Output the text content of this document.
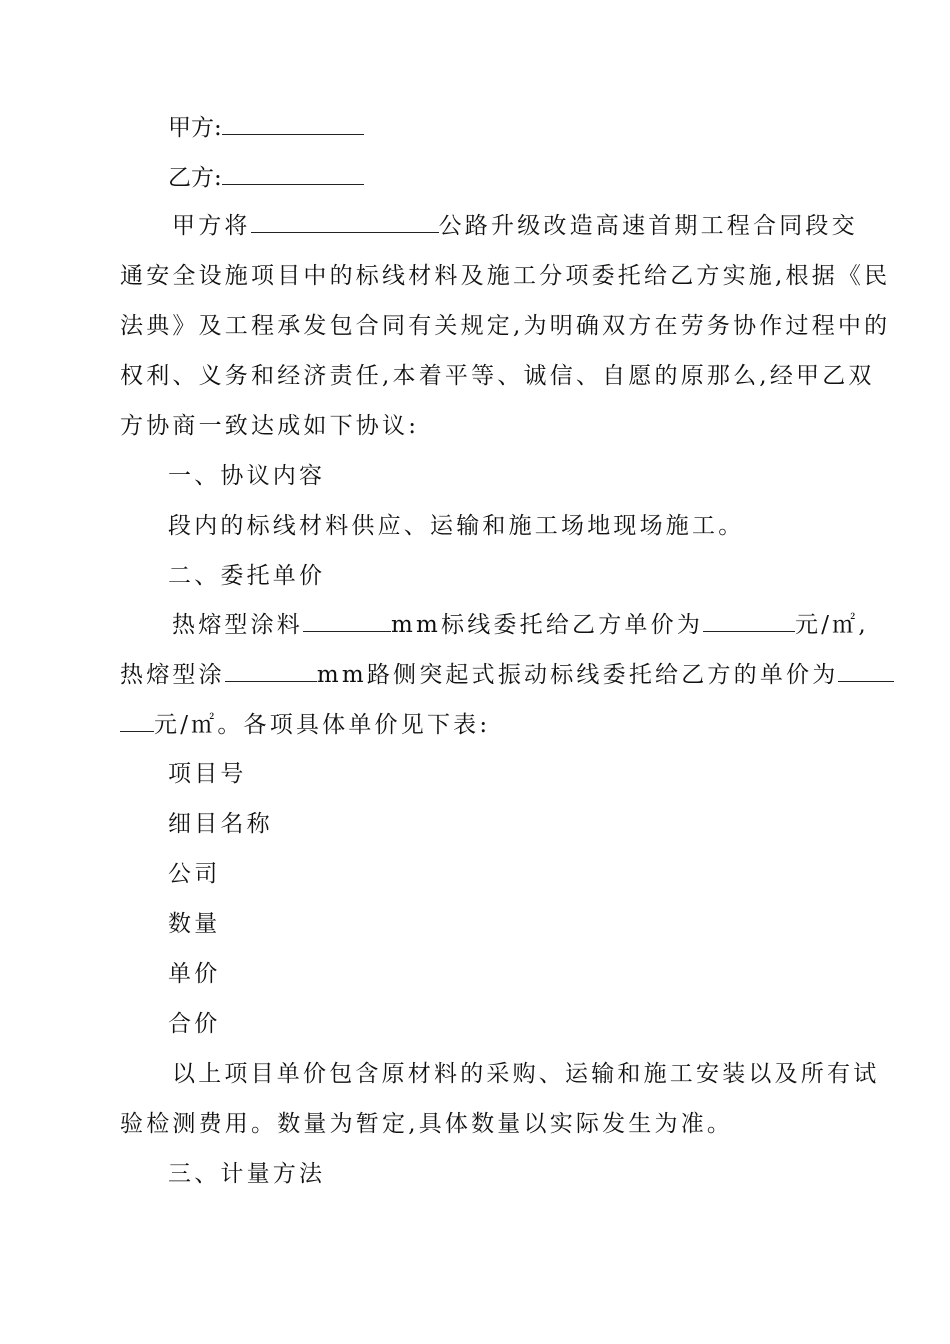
甲方:
乙方:
甲方将	公路升级改造高速首期工程合同段交
通安全设施项目中的标线材料及施工分项委托给乙方实施,根据《民
法典》及工程承发包合同有关规定,为明确双方在劳务协作过程中的
权利、义务和经济责任,本着平等、诚信、自愿的原那么,经甲乙双
方协商一致达成如下协议:
一、协议内容
段内的标线材料供应、运输和施工场地现场施工。
二、委托单价
热熔型涂料	mm标线委托给乙方单价为	元/㎡,
热熔型涂	mm路侧突起式振动标线委托给乙方的单价为
元/㎡。各项具体单价见下表:
项目号
细目名称
公司
数量
单价
合价
以上项目单价包含原材料的采购、运输和施工安装以及所有试
验检测费用。数量为暂定,具体数量以实际发生为准。
三、计量方法
